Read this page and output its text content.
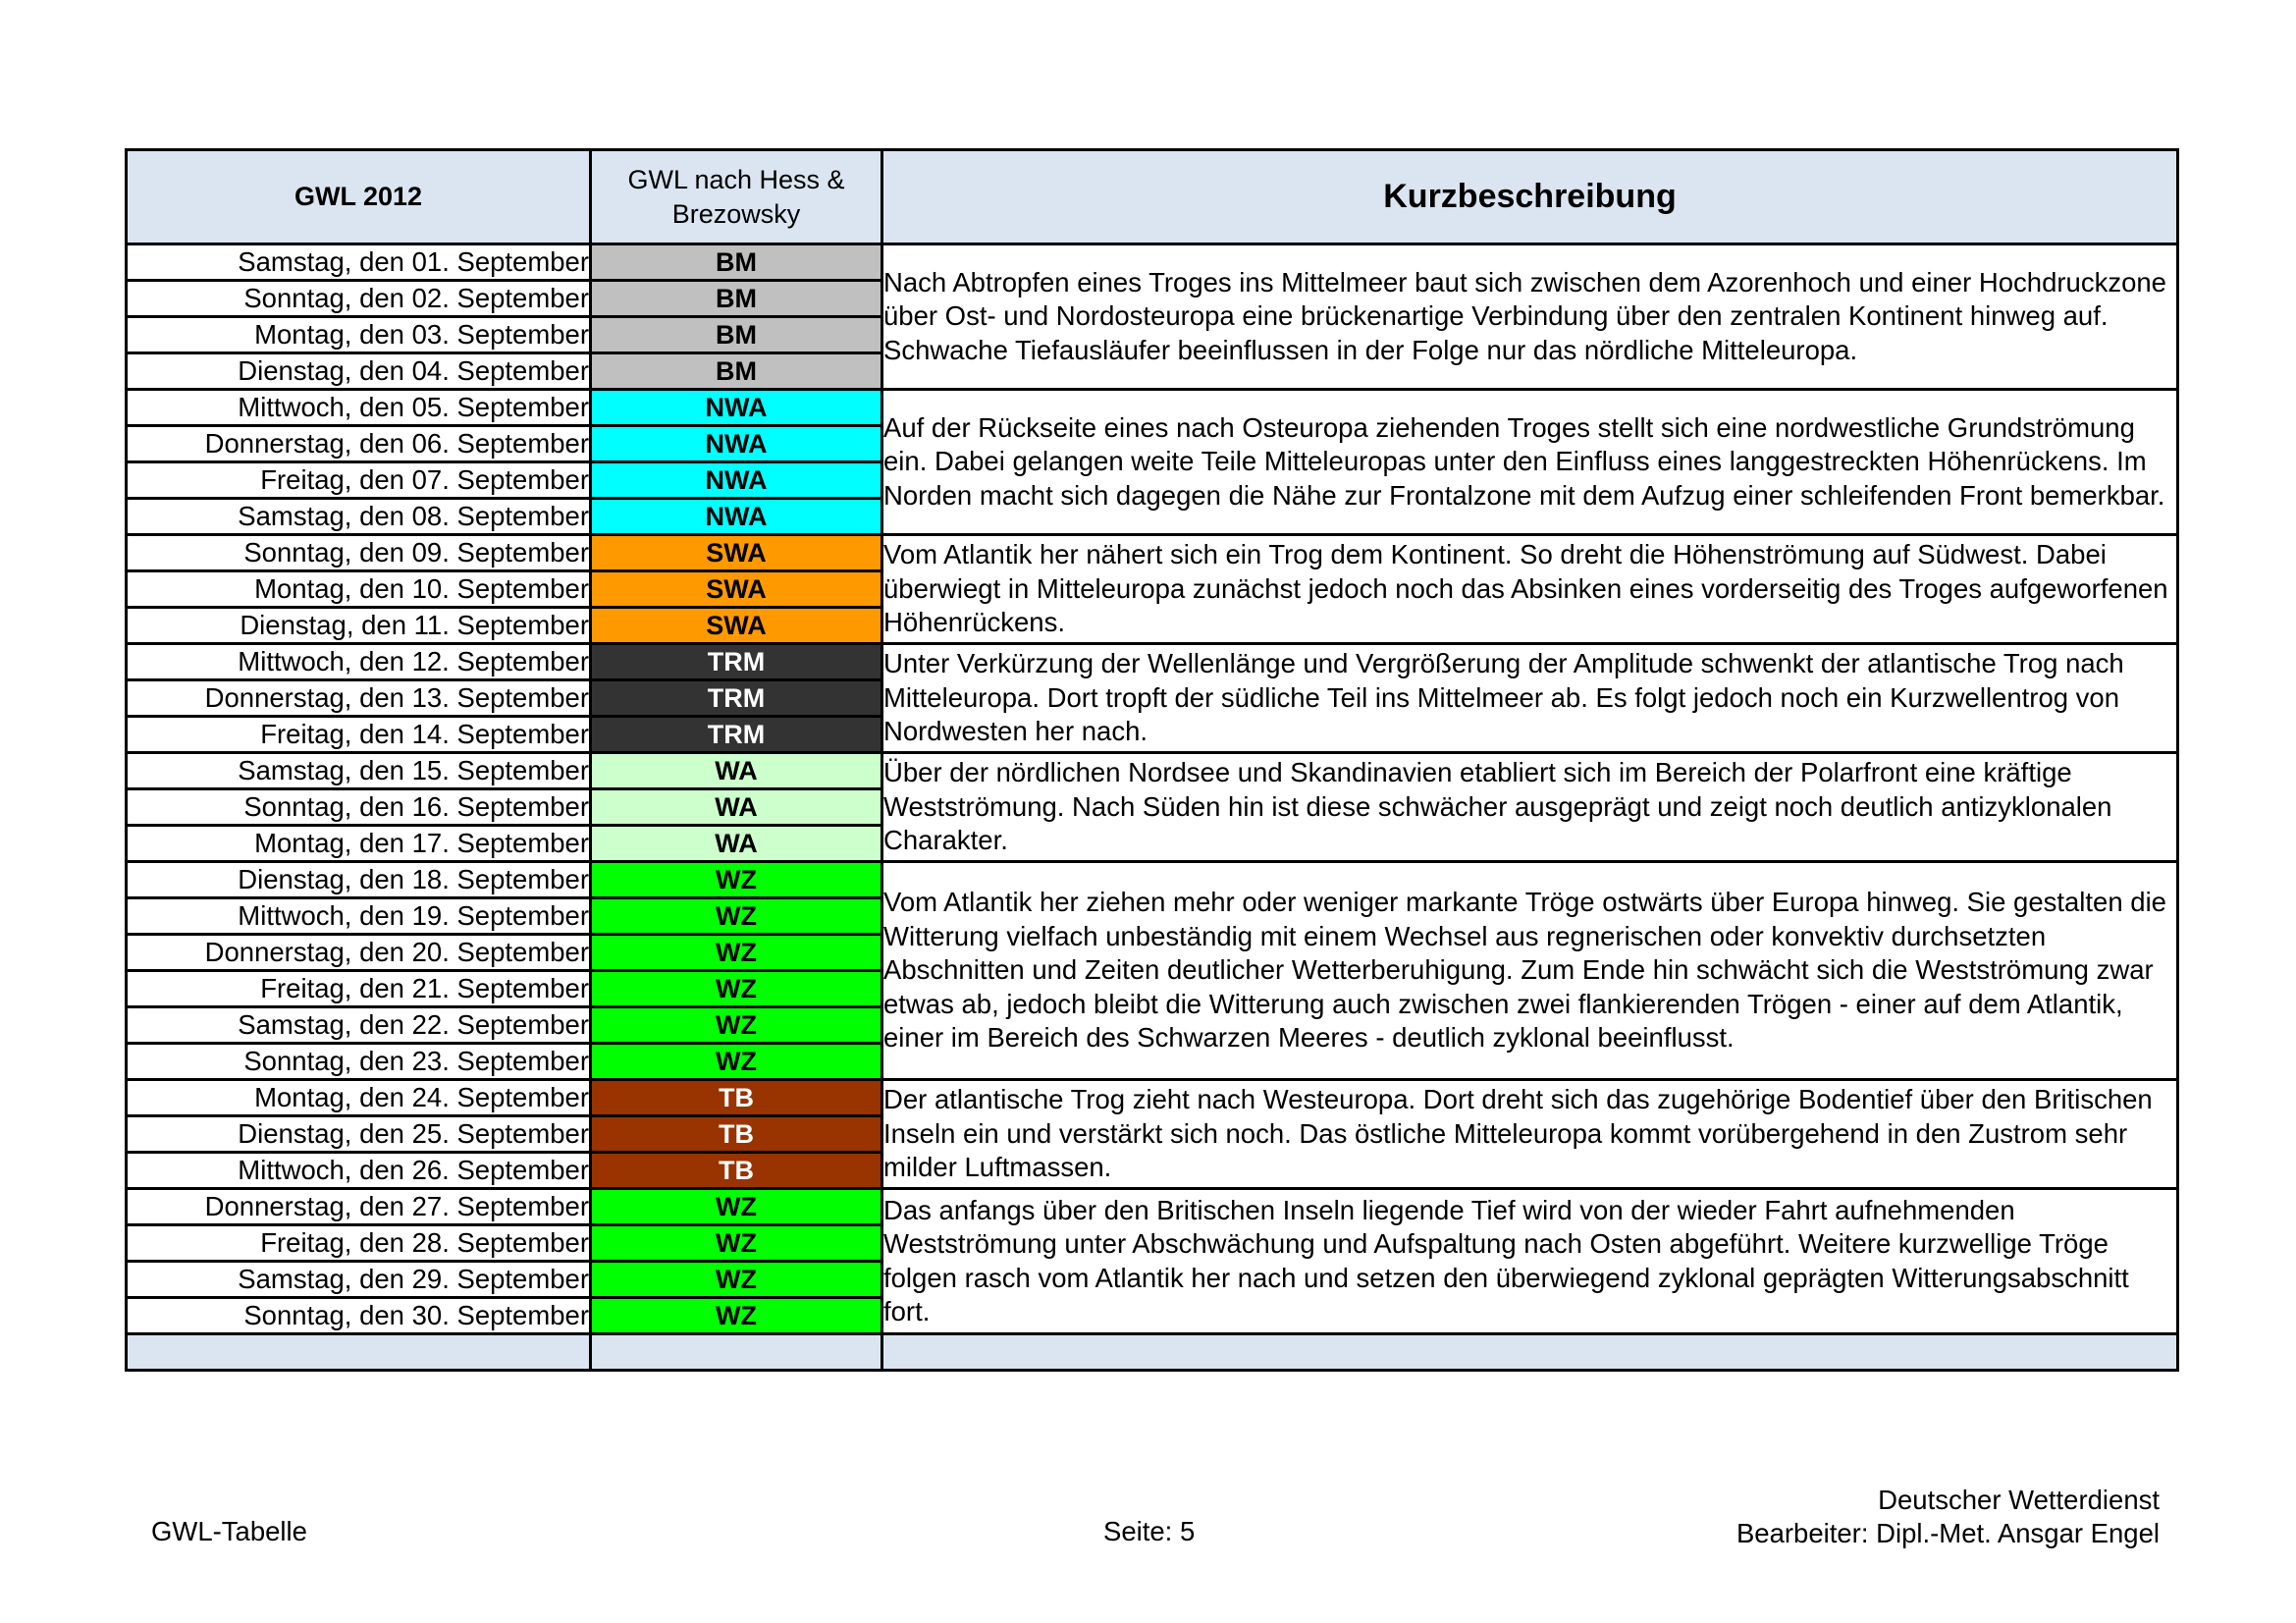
GWL 2012	GWL nach Hess & Brezowsky	Kurzbeschreibung
Samstag, den 01. September	BM	Nach Abtropfen eines Troges ins Mittelmeer baut sich zwischen dem Azorenhoch und einer Hochdruckzone über Ost- und Nordosteuropa eine brückenartige Verbindung über den zentralen Kontinent hinweg auf. Schwache Tiefausläufer beeinflussen in der Folge nur das nördliche Mitteleuropa.
Sonntag, den 02. September	BM	
Montag, den 03. September	BM	
Dienstag, den 04. September	BM	
Mittwoch, den 05. September	NWA	Auf der Rückseite eines nach Osteuropa ziehenden Troges stellt sich eine nordwestliche Grundströmung ein. Dabei gelangen weite Teile Mitteleuropas unter den Einfluss eines langgestreckten Höhenrückens. Im Norden macht sich dagegen die Nähe zur Frontalzone mit dem Aufzug einer schleifenden Front bemerkbar.
Donnerstag, den 06. September	NWA	
Freitag, den 07. September	NWA	
Samstag, den 08. September	NWA	
Sonntag, den 09. September	SWA	Vom Atlantik her nähert sich ein Trog dem Kontinent. So dreht die Höhenströmung auf Südwest. Dabei überwiegt in Mitteleuropa zunächst jedoch noch das Absinken eines vorderseitig des Troges aufgeworfenen Höhenrückens.
Montag, den 10. September	SWA	
Dienstag, den 11. September	SWA	
Mittwoch, den 12. September	TRM	Unter Verkürzung der Wellenlänge und Vergrößerung der Amplitude schwenkt der atlantische Trog nach Mitteleuropa. Dort tropft der südliche Teil ins Mittelmeer ab. Es folgt jedoch noch ein Kurzwellentrog von Nordwesten her nach.
Donnerstag, den 13. September	TRM	
Freitag, den 14. September	TRM	
Samstag, den 15. September	WA	Über der nördlichen Nordsee und Skandinavien etabliert sich im Bereich der Polarfront eine kräftige Westströmung. Nach Süden hin ist diese schwächer ausgeprägt und zeigt noch deutlich antizyklonalen Charakter.
Sonntag, den 16. September	WA	
Montag, den 17. September	WA	
Dienstag, den 18. September	WZ	Vom Atlantik her ziehen mehr oder weniger markante Tröge ostwärts über Europa hinweg. Sie gestalten die Witterung vielfach unbeständig mit einem Wechsel aus regnerischen oder konvektiv durchsetzten Abschnitten und Zeiten deutlicher Wetterberuhigung. Zum Ende hin schwächt sich die Westströmung zwar etwas ab, jedoch bleibt die Witterung auch zwischen zwei flankierenden Trögen - einer auf dem Atlantik, einer im Bereich des Schwarzen Meeres - deutlich zyklonal beeinflusst.
Mittwoch, den 19. September	WZ	
Donnerstag, den 20. September	WZ	
Freitag, den 21. September	WZ	
Samstag, den 22. September	WZ	
Sonntag, den 23. September	WZ	
Montag, den 24. September	TB	Der atlantische Trog zieht nach Westeuropa. Dort dreht sich das zugehörige Bodentief über den Britischen Inseln ein und verstärkt sich noch. Das östliche Mitteleuropa kommt vorübergehend in den Zustrom sehr milder Luftmassen.
Dienstag, den 25. September	TB	
Mittwoch, den 26. September	TB	
Donnerstag, den 27. September	WZ	Das anfangs über den Britischen Inseln liegende Tief wird von der wieder Fahrt aufnehmenden Westströmung unter Abschwächung und Aufspaltung nach Osten abgeführt. Weitere kurzwellige Tröge folgen rasch vom Atlantik her nach und setzen den überwiegend zyklonal geprägten Witterungsabschnitt fort.
Freitag, den 28. September	WZ	
Samstag, den 29. September	WZ	
Sonntag, den 30. September	WZ	

GWL-Tabelle	Seite: 5
Deutscher Wetterdienst
Bearbeiter: Dipl.-Met. Ansgar Engel
